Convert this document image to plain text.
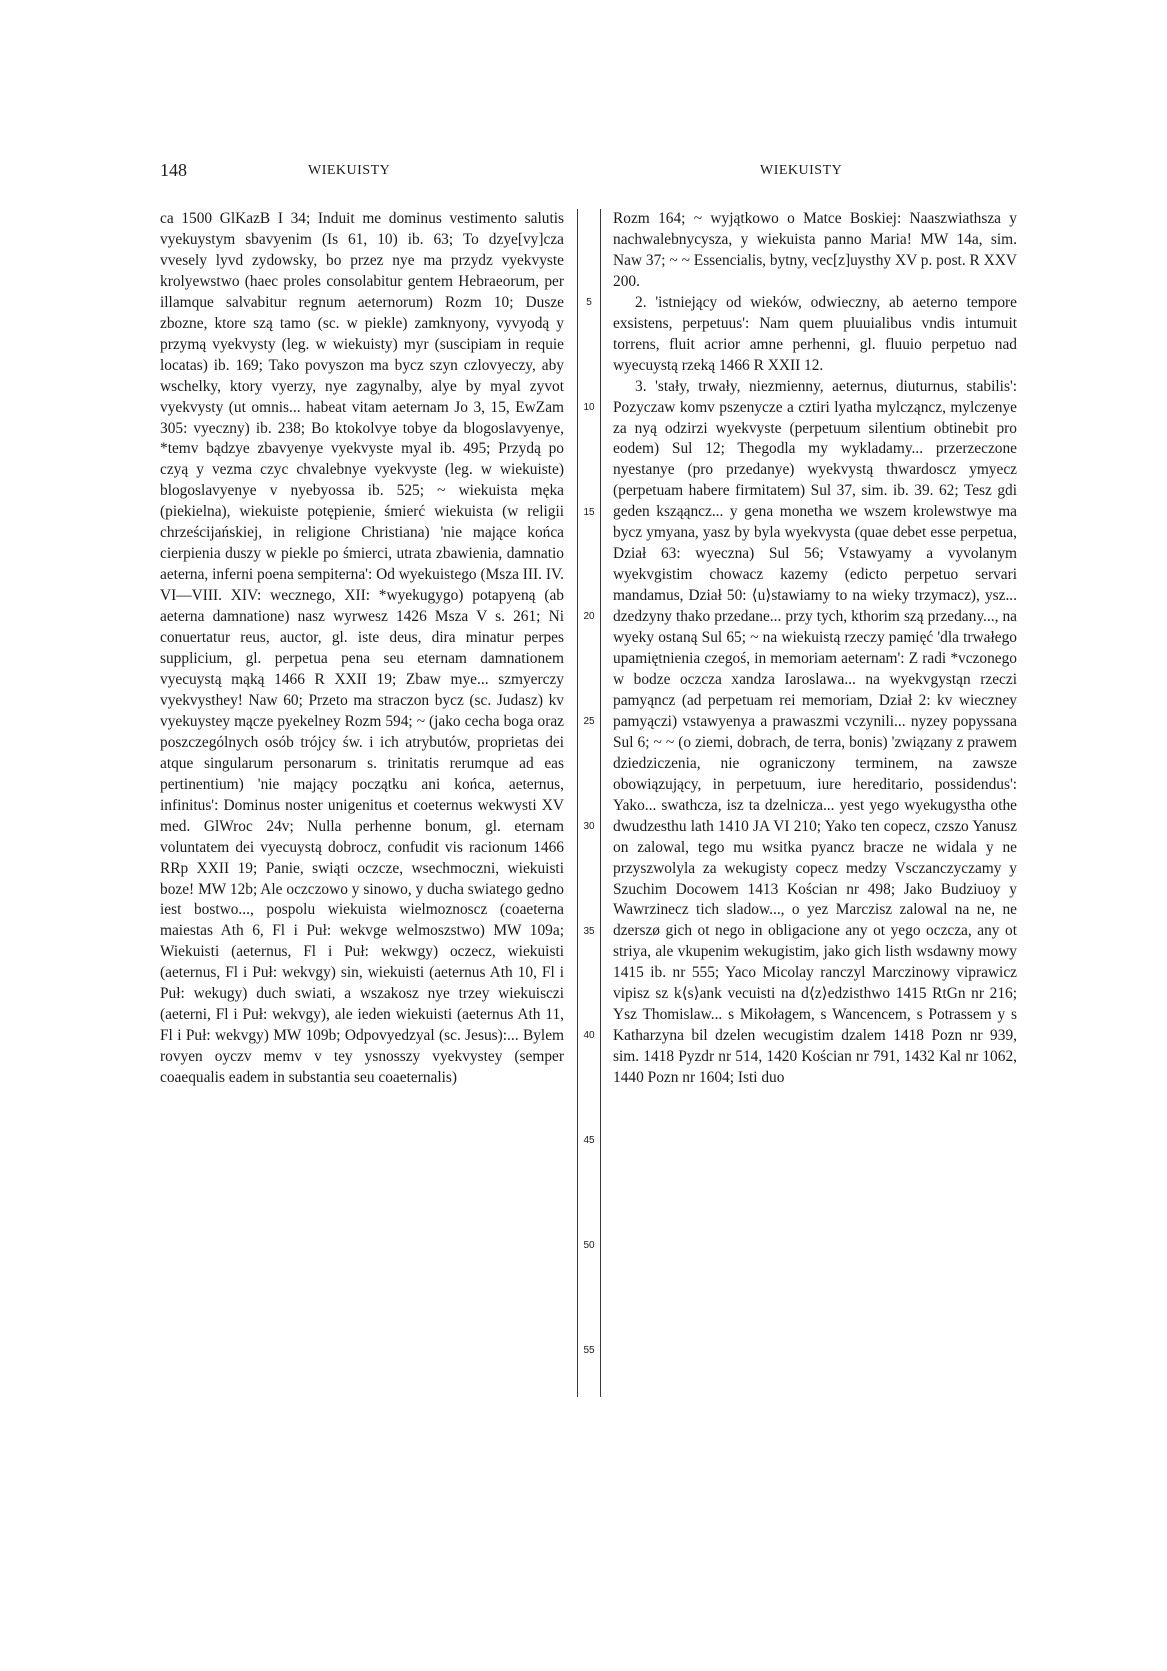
148	WIEKUISTY	WIEKUISTY

ca 1500 GlKazB I 34; Induit me dominus vestimento salutis vyekuystym sbavyenim (Is 61, 10) ib. 63; To dzye[vy]cza vvesely lyvd zydowsky, bo przez nye ma przydz vyekvyste krolyewstwo (haec proles consolabitur gentem Hebraeorum, per illamque salvabitur regnum aeternorum) Rozm 10; Dusze zbozne, ktore szą tamo (sc. w piekle) zamknyony, vyvyodą y przymą vyekvysty (leg. w wiekuisty) myr (suscipiam in requie locatas) ib. 169; Tako povyszon ma bycz szyn czlovyeczy, aby wschelky, ktory vyerzy, nye zagynalby, alye by myal zyvot vyekvysty (ut omnis... habeat vitam aeternam Jo 3, 15, EwZam 305: vyeczny) ib. 238; Bo ktokolvye tobye da blogoslavyenye, *temv bądzye zbavyenye vyekvyste myal ib. 495; Przydą po czyą y vezma czyc chvalebnye vyekvyste (leg. w wiekuiste) blogoslavyenye v nyebyossa ib. 525; ~ wiekuista męka (piekielna), wiekuiste potępienie, śmierć wiekuista (w religii chrześcijańskiej, in religione Christiana) 'nie mające końca cierpienia duszy w piekle po śmierci, utrata zbawienia, damnatio aeterna, inferni poena sempiterna': Od wyekuistego (Msza III. IV. VI—VIII. XIV: wecznego, XII: *wyekugygo) potapyeną (ab aeterna damnatione) nasz wyrwesz 1426 Msza V s. 261; Ni conuertatur reus, auctor, gl. iste deus, dira minatur perpes supplicium, gl. perpetua pena seu eternam damnationem vyecuystą mąką 1466 R XXII 19; Zbaw mye... szmyerczy vyekvysthey! Naw 60; Przeto ma straczon bycz (sc. Judasz) kv vyekuystey mącze pyekelney Rozm 594; ~ (jako cecha boga oraz poszczególnych osób trójcy św. i ich atrybutów, proprietas dei atque singularum personarum s. trinitatis rerumque ad eas pertinentium) 'nie mający początku ani końca, aeternus, infinitus': Dominus noster unigenitus et coeternus wekwysti XV med. GlWroc 24v; Nulla perhenne bonum, gl. eternam voluntatem dei vyecuystą dobrocz, confudit vis racionum 1466 RRp XXII 19; Panie, swiąti oczcze, wsechmoczni, wiekuisti boze! MW 12b; Ale oczczowo y sinowo, y ducha swiatego gedno iest bostwo..., pospolu wiekuista wielmoznoscz (coaeterna maiestas Ath 6, Fl i Puł: wekvge welmoszstwo) MW 109a; Wiekuisti (aeternus, Fl i Puł: wekwgy) oczecz, wiekuisti (aeternus, Fl i Puł: wekvgy) sin, wiekuisti (aeternus Ath 10, Fl i Puł: wekugy) duch swiati, a wszakosz nye trzey wiekuisczi (aeterni, Fl i Puł: wekvgy), ale ieden wiekuisti (aeternus Ath 11, Fl i Puł: wekvgy) MW 109b; Odpovyedzyal (sc. Jesus):... Bylem rovyen oyczv memv v tey ysnosszy vyekvystey (semper coaequalis eadem in substantia seu coaeternalis)

5
10
15
20
25
30
35
40
45
50
55

Rozm 164; ~ wyjątkowo o Matce Boskiej: Naaszwiathsza y nachwalebnycysza, y wiekuista panno Maria! MW 14a, sim. Naw 37; ~ ~ Essencialis, bytny, vec[z]uysthy XV p. post. R XXV 200.

2. 'istniejący od wieków, odwieczny, ab aeterno tempore exsistens, perpetuus': Nam quem pluuialibus vndis intumuit torrens, fluit acrior amne perhenni, gl. fluuio perpetuo nad wyecuystą rzeką 1466 R XXII 12.

3. 'stały, trwały, niezmienny, aeternus, diuturnus, stabilis': Pozyczaw komv pszenycze a cztiri lyatha mylcząncz, mylczenye za nyą odzirzi wyekvyste (perpetuum silentium obtinebit pro eodem) Sul 12; Thegodla my wykladamy... przerzeczone nyestanye (pro przedanye) wyekvystą thwardoscz ymyecz (perpetuam habere firmitatem) Sul 37, sim. ib. 39. 62; Tesz gdi geden ksząąncz... y gena monetha we wszem krolewstwye ma bycz ymyana, yasz by byla wyekvysta (quae debet esse perpetua, Dział 63: wyeczna) Sul 56; Vstawyamy a vyvolanym wyekvgistim chowacz kazemy (edicto perpetuo servari mandamus, Dział 50: ⟨u⟩stawiamy to na wieky trzymacz), ysz... dzedzyny thako przedane... przy tych, kthorim szą przedany..., na wyeky ostaną Sul 65; ~ na wiekuistą rzeczy pamięć 'dla trwałego upamiętnienia czegoś, in memoriam aeternam': Z radi *vczonego w bodze oczcza xandza Iaroslawa... na wyekvgystąn rzeczi pamyąncz (ad perpetuam rei memoriam, Dział 2: kv wieczney pamyączi) vstawyenya a prawaszmi vczynili... nyzey popyssana Sul 6; ~ ~ (o ziemi, dobrach, de terra, bonis) 'związany z prawem dziedziczenia, nie ograniczony terminem, na zawsze obowiązujący, in perpetuum, iure hereditario, possidendus': Yako... swathcza, isz ta dzelnicza... yest yego wyekugystha othe dwudzesthu lath 1410 JA VI 210; Yako ten copecz, czszo Yanusz on zalowal, tego mu wsitka pyancz bracze ne widala y ne przyszwolyla za wekugisty copecz medzy Vsczanczyczamy y Szuchim Docowem 1413 Kościan nr 498; Jako Budziuoy y Wawrzinecz tich sladow..., o yez Marczisz zalowal na ne, ne dzerszø gich ot nego in obligacione any ot yego oczcza, any ot striya, ale vkupenim wekugistim, jako gich listh wsdawny mowy 1415 ib. nr 555; Yaco Micolay ranczyl Marczinowy viprawicz vipisz sz k⟨s⟩ank vecuisti na d⟨z⟩edzisthwo 1415 RtGn nr 216; Ysz Thomislaw... s Mikołagem, s Wancencem, s Potrassem y s Katharzyna bil dzelen wecugistim dzalem 1418 Pozn nr 939, sim. 1418 Pyzdr nr 514, 1420 Kościan nr 791, 1432 Kal nr 1062, 1440 Pozn nr 1604; Isti duo
